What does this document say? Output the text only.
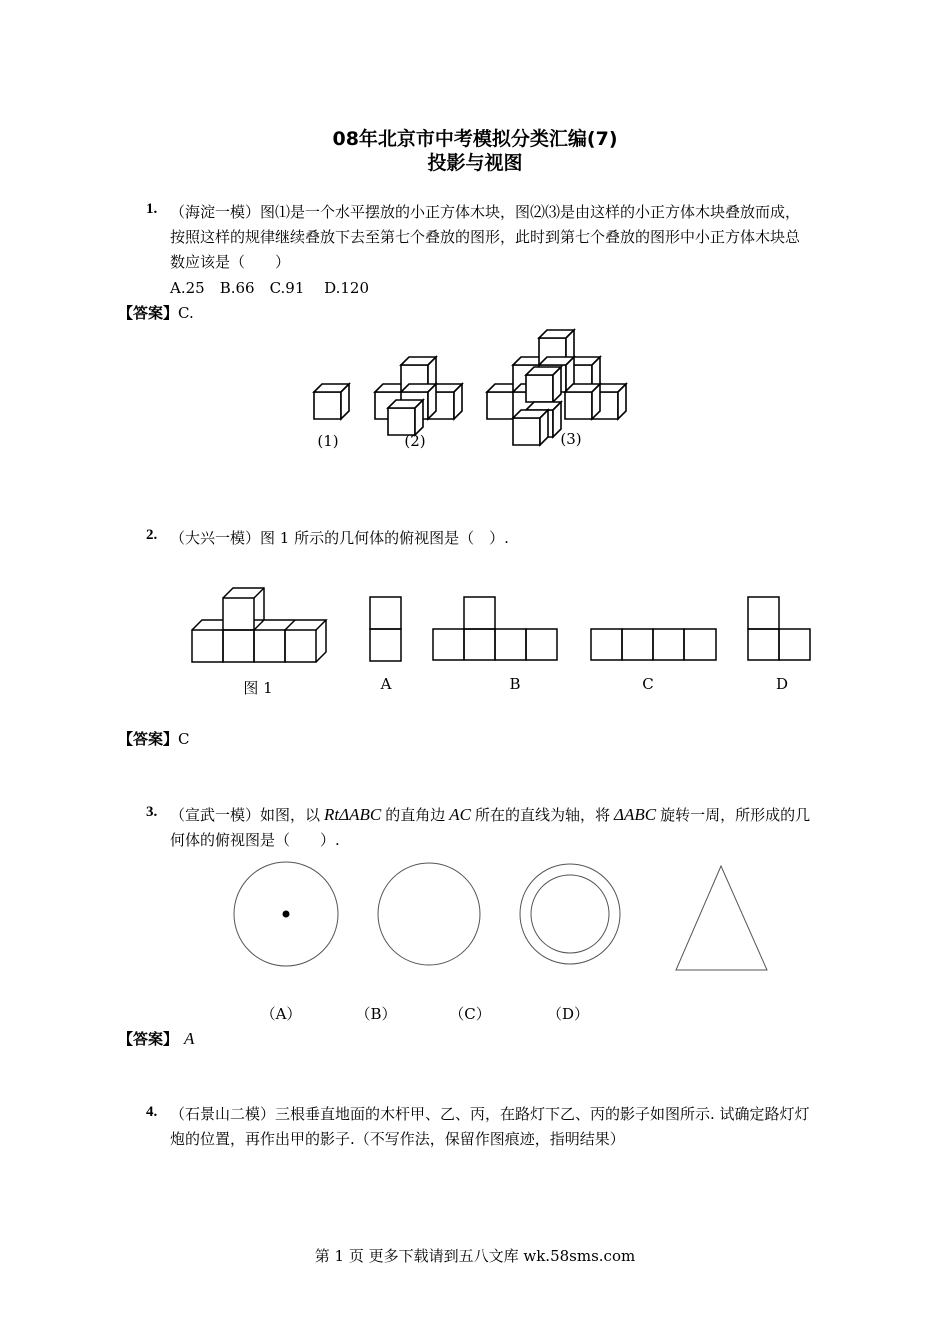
08年北京市中考模拟分类汇编(7)
投影与视图
1. （海淀一模）图⑴是一个水平摆放的小正方体木块，图⑵⑶是由这样的小正方体木块叠放而成，
按照这样的规律继续叠放下去至第七个叠放的图形，此时到第七个叠放的图形中小正方体木块总
数应该是（　　）
A.25　B.66　C.91　 D.120
【答案】C.
(1)	(2)	(3)
2. （大兴一模）图 1 所示的几何体的俯视图是（　）.
图 1	A	B	C	D
【答案】C
3. （宣武一模）如图，以 RtΔABC 的直角边 AC 所在的直线为轴，将 ΔABC 旋转一周，所形成的几
何体的俯视图是（　　）.
（A）	（B）	（C）	（D）
【答案】 A
4. （石景山二模）三根垂直地面的木杆甲、乙、丙，在路灯下乙、丙的影子如图所示. 试确定路灯灯
炮的位置，再作出甲的影子.（不写作法，保留作图痕迹，指明结果）
第 1 页 更多下载请到五八文库 wk.58sms.com
